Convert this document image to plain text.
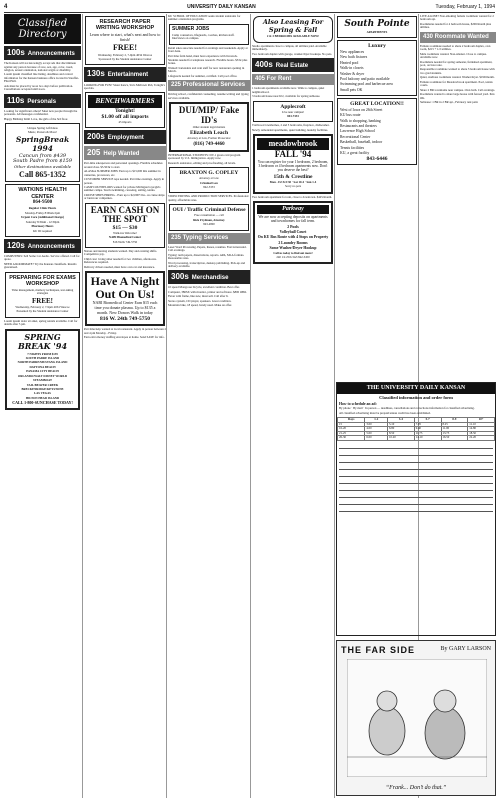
4	UNIVERSITY DAILY KANSAN	Tuesday, February 1, 1994
Classified Directory
100s Announcements
The Kansan will not knowingly accept ads that discriminate against any person because of race, sex, age, color, creed, religion, sexual orientation, national origin or disability.
Lorem ipsum classified line listing, deadlines and contact information for the Kansan business office located in Stauffer-Flint Hall.
Ads must be placed by noon two days before publication. Cancellations accepted until noon.
110s Personals
Looking for significant others? Meet new people through the personals. All messages confidential.
Happy Birthday Kim! Love, the girls of the 3rd floor.
Unique Spring Gift Ideas
Music, Posters & More!
SpringBreak 1994
Cancun from $439
South Padre from $159
Other destinations available
Call 865-1352
WATKINS HEALTH CENTER
864-9500
Regular Clinic Hours
Monday-Friday 8:00am-5pm
Urgent Care (Additional Charge)
Saturday 8:30am - 12:30pm
Pharmacy Hours
KU ID required
120s Announcements
COMPUTERS: Sell Some Car Audio. Service offered. Call for quote.
NEED A ROOMMATE? Try the Kansan classifieds. Results guaranteed.
PREPARING FOR EXAMS WORKSHOP
Time management, memory techniques, test-taking strategies
FREE!
Wednesday, February 2, 7-9pm 4034 Wescoe
Presented by the Student Assistance Center
Lorem ipsum dolor sit amet, spring rentals available. Call for details after 5 pm.
SPRING BREAK '94
7 NIGHTS FROM $139
SOUTH PADRE ISLAND
NORTH PADRE/MUSTANG ISLAND
DAYTONA BEACH
PANAMA CITY BEACH
ORLANDO/WALT DISNEY WORLD
STEAMBOAT
VAIL/BEAVER CREEK
BRECKENRIDGE/KEYSTONE
LAS VEGAS
HILTON HEAD ISLAND
CALL 1-800-SUNCHASE TODAY!
RESEARCH PAPER WRITING WORKSHOP
Learn where to start, what's next and how to finish!
FREE!
Wednesday, February 2, 7-9pm 4034 Wescoe
Sponsored by the Student Assistance Center
130s Entertainment
LOOKING FOR FUN? Sister Kate's, Stu's Midtown Pub, Tonight's specials.
BENCHWARMERS
Tonight!
$1.00 off all imports
45 imports
200s Employment
205 Help Wanted
Part-time salesperson and personnel openings. Flexible schedules around class. $5.50/hr to start.
ALASKA SUMMER JOBS: Earn up to $15,000 this summer in canneries, processors, etc.
CUSTOMER SERVICE reps needed. Part time evenings. Apply in person.
CAMP COUNSELORS wanted for private Michigan boys/girls summer camps. Teach swimming, canoeing, sailing, tennis.
CRUISE SHIPS HIRING - Earn up to $2,000+/mo. on cruise ships or land-tour companies.
EARN CASH ON THE SPOT
$15 — $30
Walk-ins Welcome!
NABI Biomedical Center
816 Wells 749-5750
Nurses and nursing students wanted. Day and evening shifts. Competitive pay.
Child care: loving sitter needed for two children, afternoons. References required.
Delivery drivers needed, must have own car and insurance.
Have A Night Out On Us!
NABI Biomedical Center Earn $15 each time you donate plasma. Up to $135 a month. New Donors Walk in today
816 W. 24th 749-5750
Part time help wanted at local restaurant. Apply in person between 2 and 4 pm Monday - Friday.
Earn extra money stuffing envelopes at home. Send SASE for info.
KU SCHOOL OF EDUCATION seeks student assistants for summer orientation programs.
SUMMER JOBS
Camp counselors, lifeguards, coaches, kitchen staff. Interviews on campus.
Retail sales associate needed for evenings and weekends. Apply at front desk.
Part time farm hand, must have experience with livestock.
Students needed for telephone research. Flexible hours. $5/hr plus bonus.
Wanted: bartenders and wait staff for new restaurant opening in March.
Lifeguards needed for summer, certified. Call pool office.
225 Professional Services
Driving school, confidential counseling, resume writing and typing services available.
DUI/MIP/ Fake ID's
Other student legal matters
Elizabeth Leach
Attorney at Law, Former Prosecutor
(816) 749-4460
INTERNATIONAL STUDENTS: DV-1 green card program sponsored by U.S. Immigration. Apply now.
Research assistance, editing and proofreading, all levels.
BRAXTON G. COPLEY
Attorney at Law
Criminal Law
842-5353
VIDEO EDITING AND PRODUCTION SERVICES. Professional quality, affordable rates.
OUI / Traffic Criminal Defense
Free consultation — call
Rick Frydman, Attorney
843-4800
235 Typing Services
Laser Word Processing. Papers, theses, resumes. Fast turnaround. Call evenings.
Typing: term papers, dissertations, reports. APA, MLA formats. Reasonable rates.
Word processing, transcription, desktop publishing. Pick-up and delivery available.
300s Merchandise
10 speed Mongoose bicycle, excellent condition. Best offer.
Computer, 386SX with monitor, printer and software. $800 OBO.
Futon with frame, like new, must sell. Call after 6.
Stereo system, CD player, speakers. Great condition.
Mountain bike, 18 speed, barely used. Make an offer.
Also Leasing For Spring & Fall
2 & 3 BEDROOMS AVAILABLE NOW!
Studio apartments close to campus, all utilities paid. Available immediately.
Two bedroom duplex with garage, washer/dryer hookups. No pets.
400s Real Estate
405 For Rent
1 bedroom apartments available now. Walk to campus, quiet neighborhood.
3 bedroom house near KU, available for spring sublease.
Applecroft
Live near campus!
843-7333
Trailwood townhomes, 2 and 3 bedrooms, fireplace, dishwasher.
Newly remodeled apartments, quiet building, laundry facilities.
meadowbrook
FALL '94
You can register for your 1 bedroom, 2 bedroom, 3 bedroom or 4 bedroom apartments now. Don't you deserve the best?
15th & Crestline
Mon - Fri 8-5:30 · Sat 10-4 · Sun 1-4
Sorry no pets
Two bedroom apartment for rent, close to downtown. $425/month.
Parkway
We are now accepting deposits on apartments and townhomes for fall term.
2 Pools
Volleyball Court
On KU Bus Route with 4 Stops on Property
2 Laundry Rooms
Some Washer/Dryer Hookup
Call us today to find out more!
240 1/4 25th 3A3 842-3450
South Pointe
APARTMENTS
Luxury
New appliances
New bath fixtures
Heated pool
Walk-in closets
Washer & dryer
Pool balcony and patio available
Swimming pool and barbecue area
Small pets OK
GREAT LOCATION!!
West of Iowa on 26th Street
KU bus route
Walk to shopping, banking
Restaurants and theaters
Lawrence High School
Recreational Center
Basketball, baseball, indoor
Tennis facilities
KU, a great facility
843-6446
LIVE ALONE? Non-smoking female roommate wanted for 2 bedroom apt.
Roommates needed for 4 bedroom house, $200/month plus utilities.
430 Roommate Wanted
Female roommate needed to share 2 bedroom duplex, own room, $215 + 1/2 utilities.
Male roommate wanted. Non-smoker. Close to campus. Available now.
Roommate needed for spring semester, furnished apartment, pool, on bus route.
Responsible roommate wanted to share 3 bedroom house with two grad students.
Quiet, studious roommate wanted. Washer/dryer. $190/month.
Female roommate for Meadowbrook apartment. Pool, tennis courts.
Share 2 BR townhome near campus. Own bath. Call evenings.
Roommate wanted to share large house with fenced yard. Pets OK.
Sublease: 1 BR in 2 BR apt., February rent paid.
THE UNIVERSITY DAILY KANSAN
Classified information and order form
How to schedule an ad:
By phone · By mail · In person — deadlines, cancellations and corrections information for classified advertising.
All classified advertising must be prepaid unless credit has been established.
Days	1-2	3-4	5-7	8-9	10+
15	3.00	5.10	7.05	8.25	11.10
16-20	4.00	6.80	9.40	11.00	14.80
21-25	5.00	8.50	11.75	13.75	18.50
26-30	6.00	10.20	14.10	16.50	22.20
THE FAR SIDE	By GARY LARSON
“Frank... Don’t do that.”
